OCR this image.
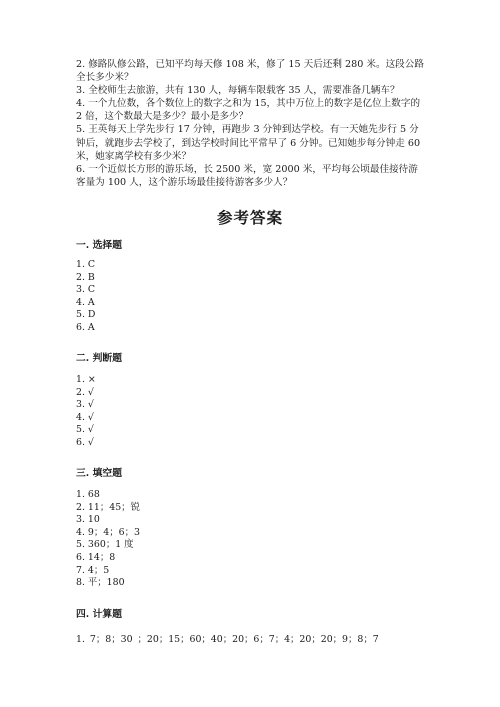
2. 修路队修公路，已知平均每天修 108 米，修了 15 天后还剩 280 米。这段公路全长多少米？

3. 全校师生去旅游，共有 130 人，每辆车限载客 35 人，需要准备几辆车？

4. 一个九位数，各个数位上的数字之和为 15，其中万位上的数字是亿位上数字的 2 倍，这个数最大是多少？最小是多少？

5. 王英每天上学先步行 17 分钟，再跑步 3 分钟到达学校。有一天她先步行 5 分钟后，就跑步去学校了，到达学校时间比平常早了 6 分钟。已知她步每分钟走 60 米，她家离学校有多少米？

6. 一个近似长方形的游乐场，长 2500 米，宽 2000 米，平均每公顷最佳接待游客量为 100 人，这个游乐场最佳接待游客多少人？

参考答案
一. 选择题
1. C
2. B
3. C
4. A
5. D
6. A
二. 判断题
1. ×
2. √
3. √
4. √
5. √
6. √
三. 填空题
1. 68
2. 11；45；锐
3. 10
4. 9；4；6；3
5. 360；1 度
6. 14；8
7. 4；5
8. 平；180
四. 计算题
1. 7；8；30 ；20；15；60；40；20；6；7；4；20；20；9；8；7
